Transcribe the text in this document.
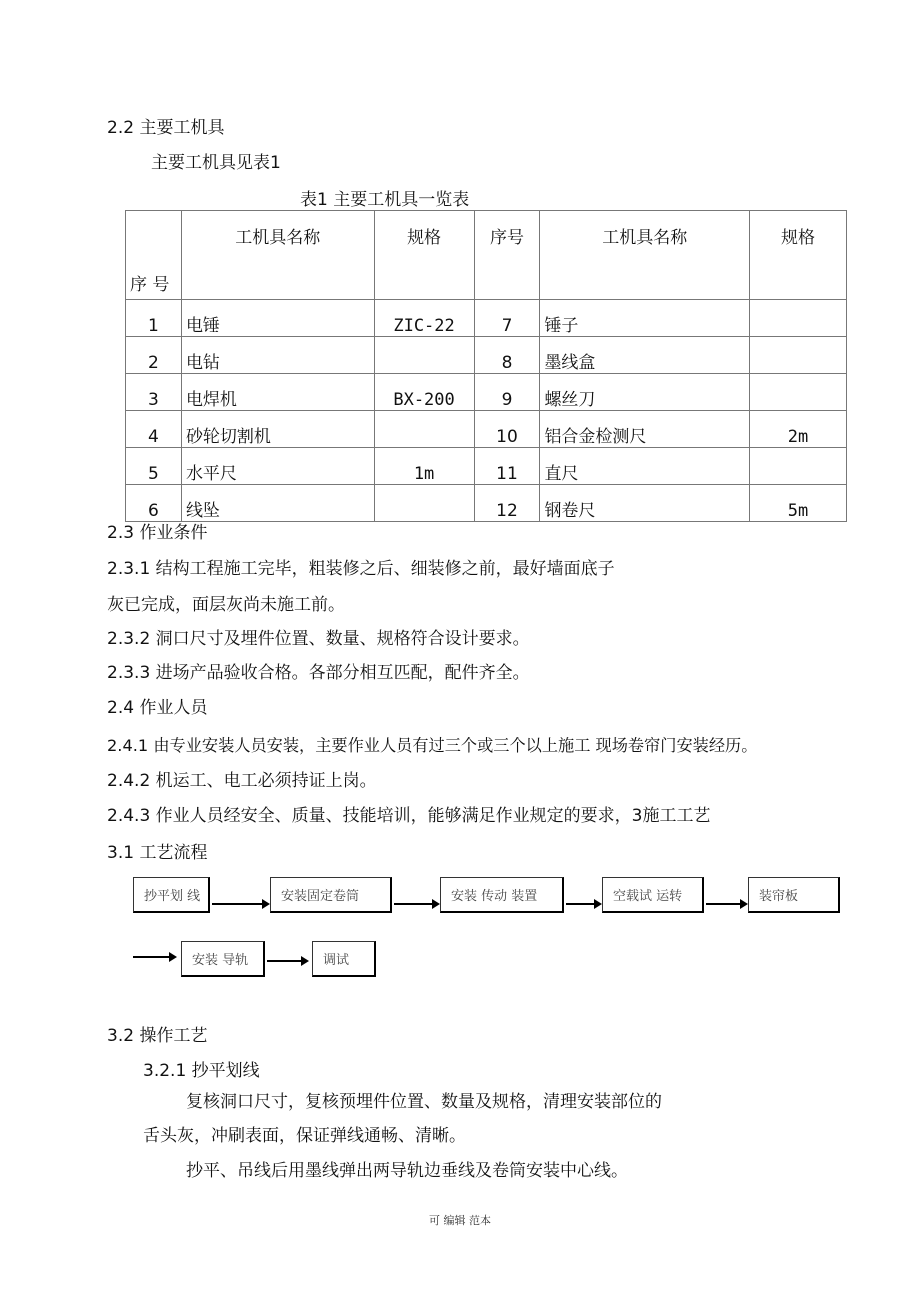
2.2 主要工机具
主要工机具见表1
表1 主要工机具一览表
序 号	工机具名称	规格	序号	工机具名称	规格
1	电锤	ZIC-22	7	锤子	
2	电钻		8	墨线盒	
3	电焊机	BX-200	9	螺丝刀	
4	砂轮切割机		10	铝合金检测尺	2m
5	水平尺	1m	11	直尺	
6	线坠		12	钢卷尺	5m
2.3 作业条件
2.3.1 结构工程施工完毕，粗装修之后、细装修之前，最好墙面底子
灰已完成，面层灰尚未施工前。
2.3.2 洞口尺寸及埋件位置、数量、规格符合设计要求。
2.3.3 进场产品验收合格。各部分相互匹配，配件齐全。
2.4 作业人员
2.4.1 由专业安装人员安装，主要作业人员有过三个或三个以上施工 现场卷帘门安装经历。
2.4.2 机运工、电工必须持证上岗。
2.4.3 作业人员经安全、质量、技能培训，能够满足作业规定的要求，3施工工艺
3.1 工艺流程
抄平划 线	安装固定卷筒	安装 传动 装置	空载试 运转	装帘板
安装 导轨	调试
3.2 操作工艺
3.2.1 抄平划线
复核洞口尺寸，复核预埋件位置、数量及规格，清理安装部位的
舌头灰，冲刷表面，保证弹线通畅、清晰。
抄平、吊线后用墨线弹出两导轨边垂线及卷筒安装中心线。
可 编辑 范本
